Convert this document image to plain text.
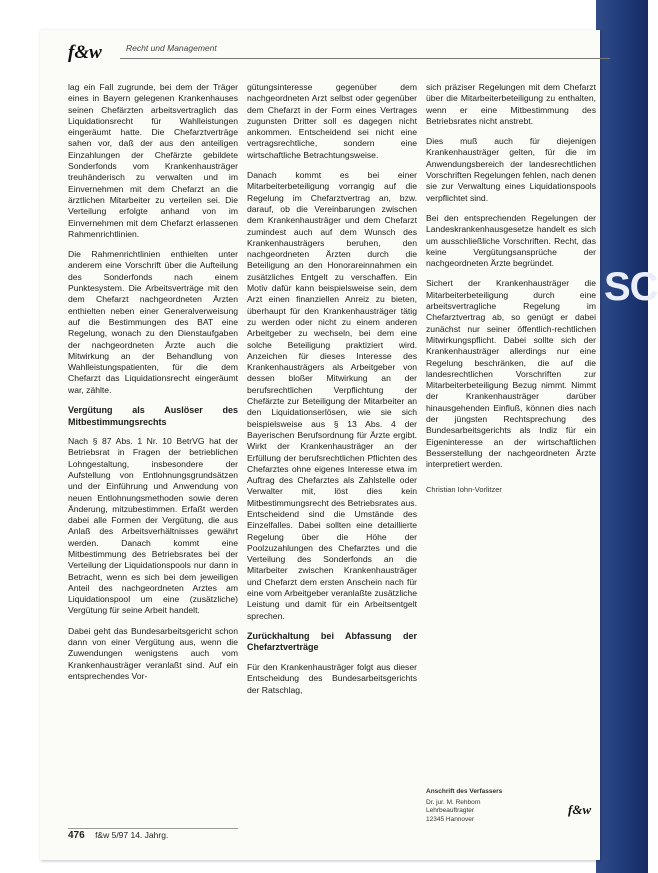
SC
f&w	Recht und Management

lag ein Fall zugrunde, bei dem der Träger eines in Bayern gelegenen Krankenhauses seinen Chefärzten arbeitsvertraglich das Liquidationsrecht für Wahlleistungen eingeräumt hatte. Die Chefarztverträge sahen vor, daß der aus den anteiligen Einzahlungen der Chefärzte gebildete Sonderfonds vom Krankenhausträger treuhänderisch zu verwalten und im Einvernehmen mit dem Chefarzt an die ärztlichen Mitarbeiter zu verteilen sei. Die Verteilung erfolgte anhand von im Einvernehmen mit dem Chefarzt erlassenen Rahmenrichtlinien.

Die Rahmenrichtlinien enthielten unter anderem eine Vorschrift über die Aufteilung des Sonderfonds nach einem Punktesystem. Die Arbeitsverträge mit den dem Chefarzt nachgeordneten Ärzten enthielten neben einer Generalverweisung auf die Bestimmungen des BAT eine Regelung, wonach zu den Dienstaufgaben der nachgeordneten Ärzte auch die Mitwirkung an der Behandlung von Wahlleistungspatienten, für die dem Chefarzt das Liquidationsrecht eingeräumt war, zählte.

Vergütung als Auslöser des Mitbestimmungsrechts

Nach § 87 Abs. 1 Nr. 10 BetrVG hat der Betriebsrat in Fragen der betrieblichen Lohngestaltung, insbesondere der Aufstellung von Entlohnungsgrundsätzen und der Einführung und Anwendung von neuen Entlohnungsmethoden sowie deren Änderung, mitzubestimmen. Erfaßt werden dabei alle Formen der Vergütung, die aus Anlaß des Arbeitsverhältnisses gewährt werden. Danach kommt eine Mitbestimmung des Betriebsrates bei der Verteilung der Liquidationspools nur dann in Betracht, wenn es sich bei dem jeweiligen Anteil des nachgeordneten Arztes am Liquidationspool um eine (zusätzliche) Vergütung für seine Arbeit handelt.

Dabei geht das Bundesarbeitsgericht schon dann von einer Vergütung aus, wenn die Zuwendungen wenigstens auch vom Krankenhausträger veranlaßt sind. Auf ein entsprechendes Vor-

gütungsinteresse gegenüber dem nachgeordneten Arzt selbst oder gegenüber dem Chefarzt in der Form eines Vertrages zugunsten Dritter soll es dagegen nicht ankommen. Entscheidend sei nicht eine vertragsrechtliche, sondern eine wirtschaftliche Betrachtungsweise.

Danach kommt es bei einer Mitarbeiterbeteiligung vorrangig auf die Regelung im Chefarztvertrag an, bzw. darauf, ob die Vereinbarungen zwischen dem Krankenhausträger und dem Chefarzt zumindest auch auf dem Wunsch des Krankenhausträgers beruhen, den nachgeordneten Ärzten durch die Beteiligung an den Honorareinnahmen ein zusätzliches Entgelt zu verschaffen. Ein Motiv dafür kann beispielsweise sein, dem Arzt einen finanziellen Anreiz zu bieten, überhaupt für den Krankenhausträger tätig zu werden oder nicht zu einem anderen Arbeitgeber zu wechseln, bei dem eine solche Beteiligung praktiziert wird. Anzeichen für dieses Interesse des Krankenhausträgers als Arbeitgeber von dessen bloßer Mitwirkung an der berufsrechtlichen Verpflichtung der Chefärzte zur Beteiligung der Mitarbeiter an den Liquidationserlösen, wie sie sich beispielsweise aus § 13 Abs. 4 der Bayerischen Berufsordnung für Ärzte ergibt. Wirkt der Krankenhausträger an der Erfüllung der berufsrechtlichen Pflichten des Chefarztes ohne eigenes Interesse etwa im Auftrag des Chefarztes als Zahlstelle oder Verwalter mit, löst dies kein Mitbestimmungsrecht des Betriebsrates aus. Entscheidend sind die Umstände des Einzelfalles. Dabei sollten eine detaillierte Regelung über die Höhe der Poolzuzahlungen des Chefarztes und die Verteilung des Sonderfonds an die Mitarbeiter zwischen Krankenhausträger und Chefarzt dem ersten Anschein nach für eine vom Arbeitgeber veranlaßte zusätzliche Leistung und damit für ein Arbeitsentgelt sprechen.

Zurückhaltung bei Abfassung der Chefarztverträge

Für den Krankenhausträger folgt aus dieser Entscheidung des Bundesarbeitsgerichts der Ratschlag,

sich präziser Regelungen mit dem Chefarzt über die Mitarbeiterbeteiligung zu enthalten, wenn er eine Mitbestimmung des Betriebsrates nicht anstrebt.

Dies muß auch für diejenigen Krankenhausträger gelten, für die im Anwendungsbereich der landesrechtlichen Vorschriften Regelungen fehlen, nach denen sie zur Verwaltung eines Liquidationspools verpflichtet sind.

Bei den entsprechenden Regelungen der Landeskrankenhausgesetze handelt es sich um ausschließliche Vorschriften. Recht, das keine Vergütungsansprüche der nachgeordneten Ärzte begründet.

Sichert der Krankenhausträger die Mitarbeiterbeteiligung durch eine arbeitsvertragliche Regelung im Chefarztvertrag ab, so genügt er dabei zunächst nur seiner öffentlich-rechtlichen Mitwirkungspflicht. Dabei sollte sich der Krankenhausträger allerdings nur eine Regelung beschränken, die auf die landesrechtlichen Vorschriften zur Mitarbeiterbeteiligung Bezug nimmt. Nimmt der Krankenhausträger darüber hinausgehenden Einfluß, können dies nach der jüngsten Rechtsprechung des Bundesarbeitsgerichts als Indiz für ein Eigeninteresse an der wirtschaftlichen Besserstellung der nachgeordneten Ärzte interpretiert werden.

Christian Iohn-Vorlitzer
Anschrift des Verfassers
Dr. jur. M. Rehborn
Lehrbeauftragter
12345 Hannover
f&w
476 f&w 5/97 14. Jahrg.
